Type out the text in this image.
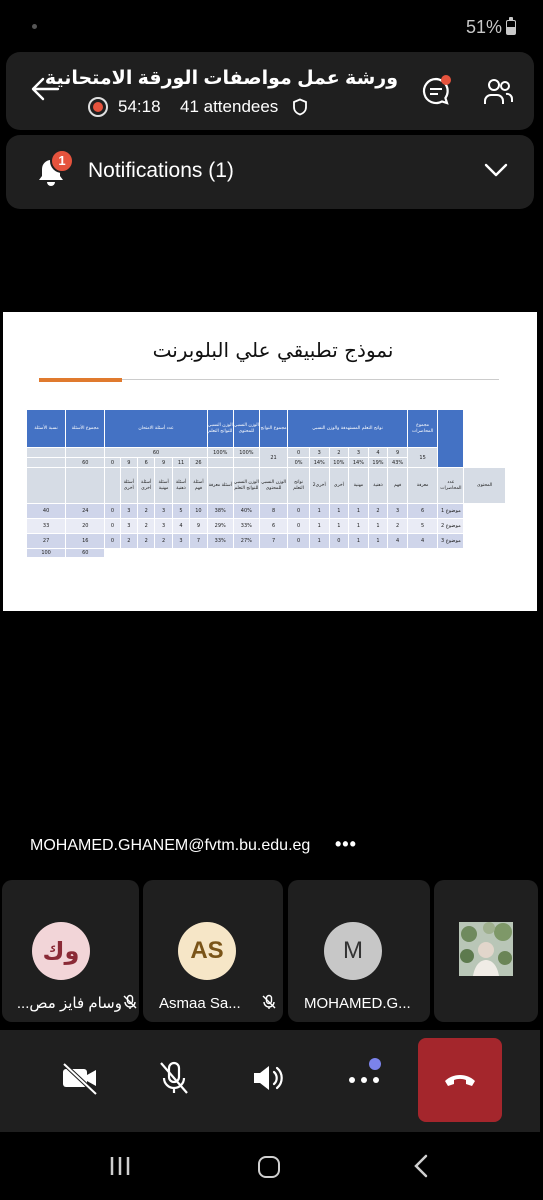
51%
ورشة عمل مواصفات الورقة الامتحانية
54:18 41 attendees
1	Notifications (1)
نموذج تطبيقي علي البلوبرنت
نسبة الأسئلة	مجموع الأسئلة	عدد أسئلة الامتحان						الوزن النسبي للنواتج التعلم	الوزن النسبي للمحتوى	مجموع النواتج	نواتج التعلم المستهدفة والوزن النسبي						مجموع المحاضرات		
		60						100%	100%	21	0	3	2	3	4	9	15		
	60	0	9	6	9	11	26				0%	14%	10%	14%	19%	43%			
			أسئلة أخرى	أسئلة أخري	أسئلة مهنية	أسئلة ذهنية	أسئلة فهم	أسئلة معرفة	الوزن النسبي للنواتج التعلم	الوزن النسبي للمحتوى	نواتج التعلم	أخري2	أخري	مهنية	ذهنية	فهم	معرفة	عدد المحاضرات	المحتوى
40	24	0	3	2	3	5	10	38%	40%	8	0	1	1	1	2	3	6	موضوع 1	
33	20	0	3	2	3	4	9	29%	33%	6	0	1	1	1	1	2	5	موضوع 2	
27	16	0	2	2	2	3	7	33%	27%	7	0	1	0	1	1	4	4	موضوع 3	
100	60																		
MOHAMED.GHANEM@fvtm.bu.edu.eg •••
وك
وسام فايز مص...
AS
Asmaa Sa...
M
MOHAMED.G...
